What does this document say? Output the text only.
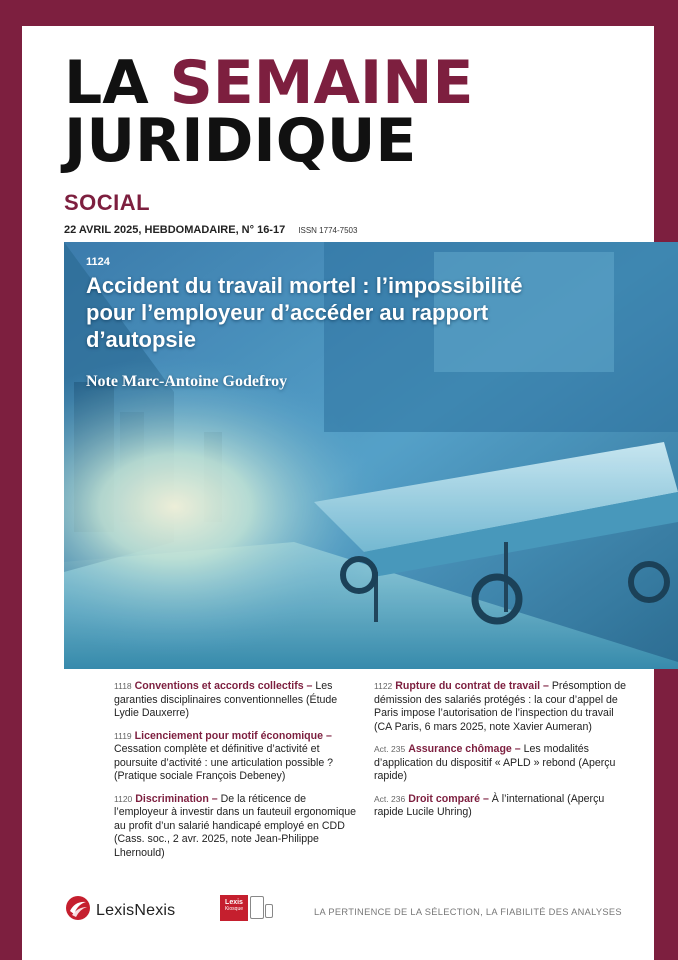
LA SEMAINE
JURIDIQUE
SOCIAL
22 AVRIL 2025, HEBDOMADAIRE, N° 16-17 ISSN 1774-7503
1124
Accident du travail mortel : l’impossibilité pour l’employeur d’accéder au rapport d’autopsie
Note Marc-Antoine Godefroy
1118 Conventions et accords collectifs – Les garanties disciplinaires conventionnelles (Étude Lydie Dauxerre)
1119 Licenciement pour motif économique – Cessation complète et définitive d’activité et poursuite d’activité : une articulation possible ? (Pratique sociale François Debeney)
1120 Discrimination – De la réticence de l’employeur à investir dans un fauteuil ergonomique au profit d’un salarié handicapé employé en CDD (Cass. soc., 2 avr. 2025, note Jean-Philippe Lhernould)
1122 Rupture du contrat de travail – Présomption de démission des salariés protégés : la cour d’appel de Paris impose l’autorisation de l’inspection du travail (CA Paris, 6 mars 2025, note Xavier Aumeran)
Act. 235 Assurance chômage – Les modalités d’application du dispositif « APLD » rebond (Aperçu rapide)
Act. 236 Droit comparé – À l’international (Aperçu rapide Lucile Uhring)
LexisNexis	Lexis
Kiosque	LA PERTINENCE DE LA SÉLECTION, LA FIABILITÉ DES ANALYSES
